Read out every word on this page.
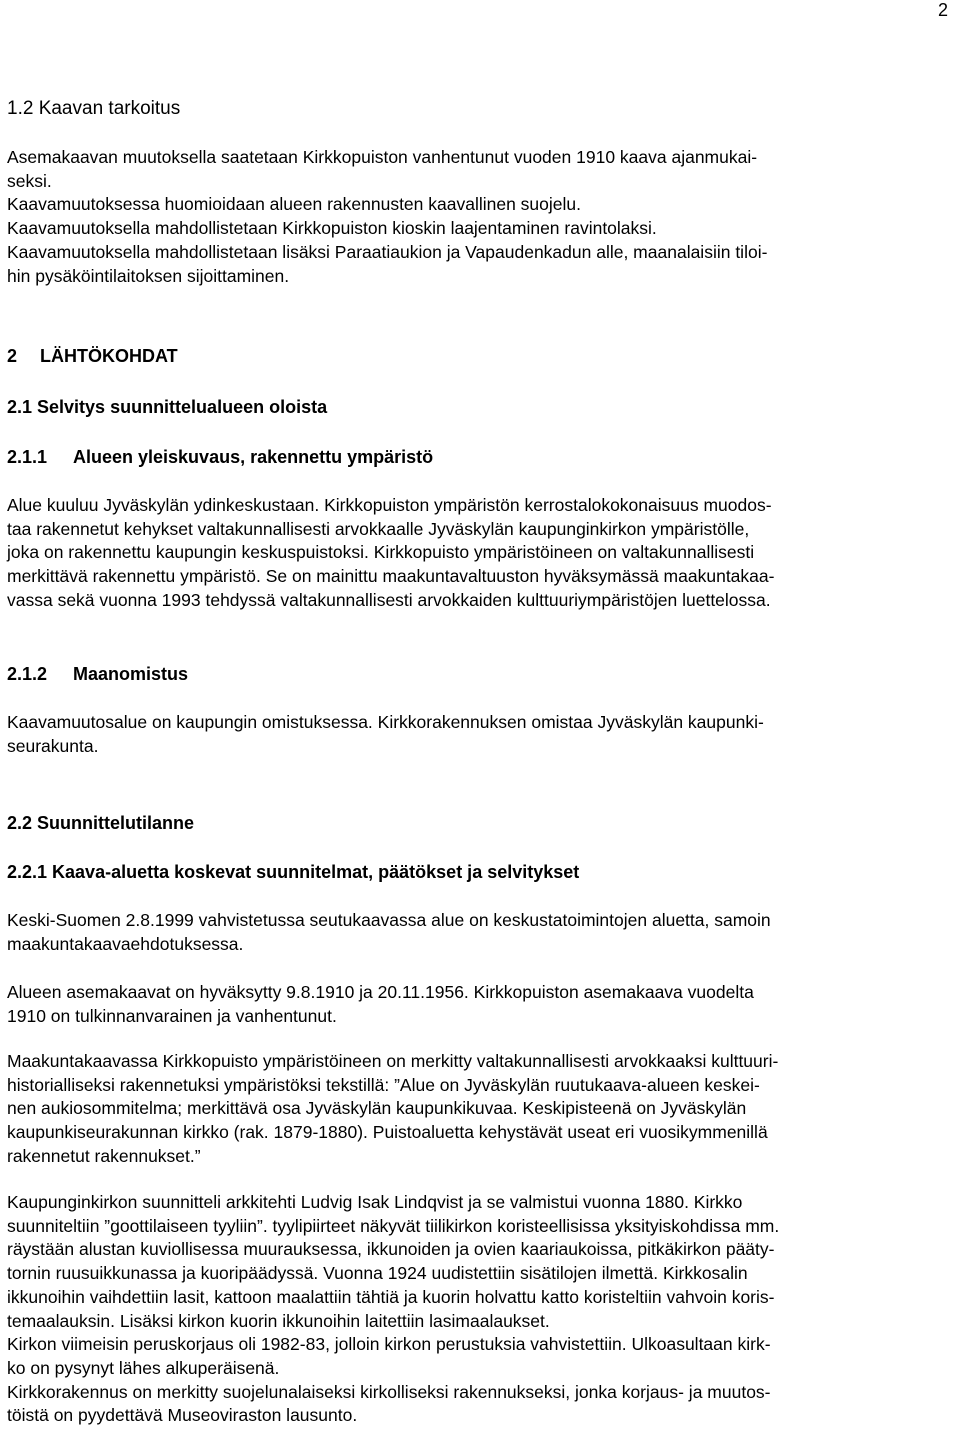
2
1.2 Kaavan tarkoitus
Asemakaavan muutoksella saatetaan Kirkkopuiston vanhentunut vuoden 1910 kaava ajanmukai-
seksi.
Kaavamuutoksessa huomioidaan alueen rakennusten kaavallinen suojelu.
Kaavamuutoksella mahdollistetaan Kirkkopuiston kioskin laajentaminen ravintolaksi.
Kaavamuutoksella mahdollistetaan lisäksi Paraatiaukion ja Vapaudenkadun alle, maanalaisiin tiloi-
hin pysäköintilaitoksen sijoittaminen.
2 LÄHTÖKOHDAT
2.1 Selvitys suunnittelualueen oloista
2.1.1 Alueen yleiskuvaus, rakennettu ympäristö
Alue kuuluu Jyväskylän ydinkeskustaan. Kirkkopuiston ympäristön kerrostalokokonaisuus muodos-
taa rakennetut kehykset valtakunnallisesti arvokkaalle Jyväskylän kaupunginkirkon ympäristölle,
joka on rakennettu kaupungin keskuspuistoksi. Kirkkopuisto ympäristöineen on valtakunnallisesti
merkittävä rakennettu ympäristö. Se on mainittu maakuntavaltuuston hyväksymässä maakuntakaa-
vassa sekä vuonna 1993 tehdyssä valtakunnallisesti arvokkaiden kulttuuriympäristöjen luettelossa.
2.1.2 Maanomistus
Kaavamuutosalue on kaupungin omistuksessa. Kirkkorakennuksen omistaa Jyväskylän kaupunki-
seurakunta.
2.2 Suunnittelutilanne
2.2.1 Kaava-aluetta koskevat suunnitelmat, päätökset ja selvitykset
Keski-Suomen 2.8.1999 vahvistetussa seutukaavassa alue on keskustatoimintojen aluetta, samoin
maakuntakaavaehdotuksessa.
Alueen asemakaavat on hyväksytty 9.8.1910 ja 20.11.1956. Kirkkopuiston asemakaava vuodelta
1910 on tulkinnanvarainen ja vanhentunut.
Maakuntakaavassa Kirkkopuisto ympäristöineen on merkitty valtakunnallisesti arvokkaaksi kulttuuri-
historialliseksi rakennetuksi ympäristöksi tekstillä: ”Alue on Jyväskylän ruutukaava-alueen keskei-
nen aukiosommitelma; merkittävä osa Jyväskylän kaupunkikuvaa. Keskipisteenä on Jyväskylän
kaupunkiseurakunnan kirkko (rak. 1879-1880). Puistoaluetta kehystävät useat eri vuosikymmenillä
rakennetut rakennukset.”
Kaupunginkirkon suunnitteli arkkitehti Ludvig Isak Lindqvist ja se valmistui vuonna 1880. Kirkko
suunniteltiin ”goottilaiseen tyyliin”. tyylipiirteet näkyvät tiilikirkon koristeellisissa yksityiskohdissa mm.
räystään alustan kuviollisessa muurauksessa, ikkunoiden ja ovien kaariaukoissa, pitkäkirkon pääty-
tornin ruusuikkunassa ja kuoripäädyssä. Vuonna 1924 uudistettiin sisätilojen ilmettä. Kirkkosalin
ikkunoihin vaihdettiin lasit, kattoon maalattiin tähtiä ja kuorin holvattu katto koristeltiin vahvoin koris-
temaalauksin. Lisäksi kirkon kuorin ikkunoihin laitettiin lasimaalaukset.
Kirkon viimeisin peruskorjaus oli 1982-83, jolloin kirkon perustuksia vahvistettiin. Ulkoasultaan kirk-
ko on pysynyt lähes alkuperäisenä.
Kirkkorakennus on merkitty suojelunalaiseksi kirkolliseksi rakennukseksi, jonka korjaus- ja muutos-
töistä on pyydettävä Museoviraston lausunto.
